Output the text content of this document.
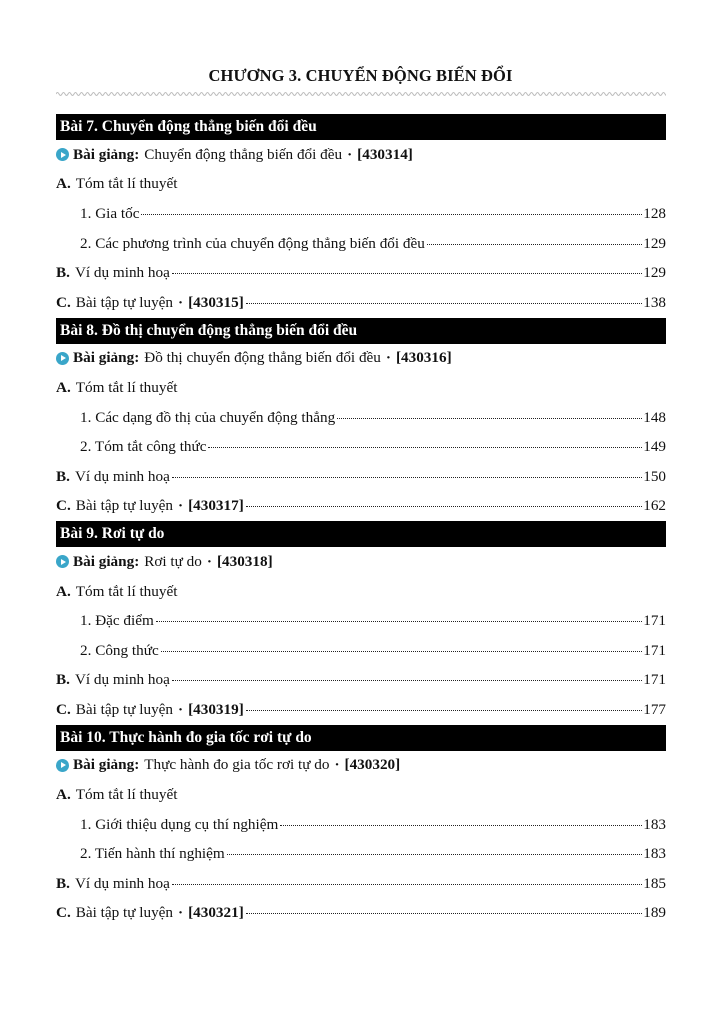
CHƯƠNG 3. CHUYỂN ĐỘNG BIẾN ĐỔI
Bài 7. Chuyển động thẳng biến đổi đều
Bài giảng: Chuyển động thẳng biến đổi đều · [430314]
A. Tóm tắt lí thuyết
1. Gia tốc	128
2. Các phương trình của chuyển động thẳng biến đổi đều	129
B. Ví dụ minh hoạ	129
C. Bài tập tự luyện · [430315]	138
Bài 8. Đồ thị chuyển động thẳng biến đổi đều
Bài giảng: Đồ thị chuyển động thẳng biến đổi đều · [430316]
A. Tóm tắt lí thuyết
1. Các dạng đồ thị của chuyển động thẳng	148
2. Tóm tắt công thức	149
B. Ví dụ minh hoạ	150
C. Bài tập tự luyện · [430317]	162
Bài 9. Rơi tự do
Bài giảng: Rơi tự do · [430318]
A. Tóm tắt lí thuyết
1. Đặc điểm	171
2. Công thức	171
B. Ví dụ minh hoạ	171
C. Bài tập tự luyện · [430319]	177
Bài 10. Thực hành đo gia tốc rơi tự do
Bài giảng: Thực hành đo gia tốc rơi tự do · [430320]
A. Tóm tắt lí thuyết
1. Giới thiệu dụng cụ thí nghiệm	183
2. Tiến hành thí nghiệm	183
B. Ví dụ minh hoạ	185
C. Bài tập tự luyện · [430321]	189
